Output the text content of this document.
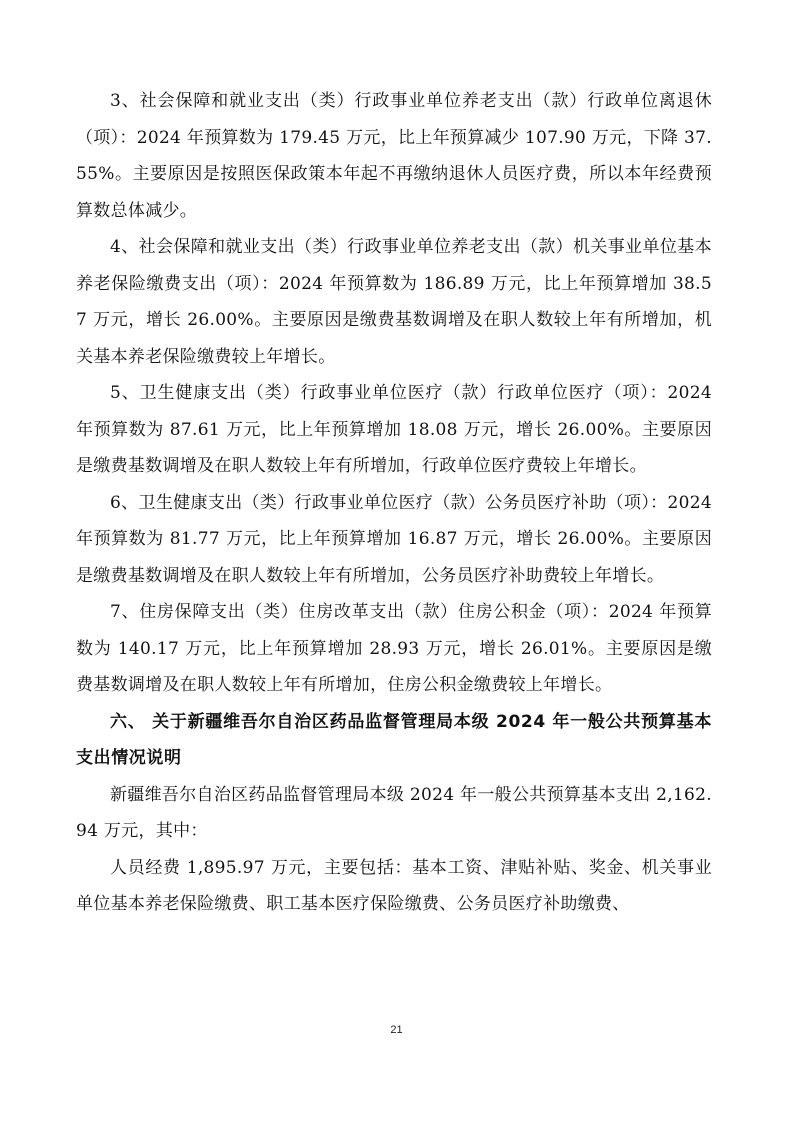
3、社会保障和就业支出（类）行政事业单位养老支出（款）行政单位离退休（项）：2024 年预算数为 179.45 万元，比上年预算减少 107.90 万元，下降 37.55%。主要原因是按照医保政策本年起不再缴纳退休人员医疗费，所以本年经费预算数总体减少。

4、社会保障和就业支出（类）行政事业单位养老支出（款）机关事业单位基本养老保险缴费支出（项）：2024 年预算数为 186.89 万元，比上年预算增加 38.57 万元，增长 26.00%。主要原因是缴费基数调增及在职人数较上年有所增加，机关基本养老保险缴费较上年增长。

5、卫生健康支出（类）行政事业单位医疗（款）行政单位医疗（项）：2024 年预算数为 87.61 万元，比上年预算增加 18.08 万元，增长 26.00%。主要原因是缴费基数调增及在职人数较上年有所增加，行政单位医疗费较上年增长。

6、卫生健康支出（类）行政事业单位医疗（款）公务员医疗补助（项）：2024 年预算数为 81.77 万元，比上年预算增加 16.87 万元，增长 26.00%。主要原因是缴费基数调增及在职人数较上年有所增加，公务员医疗补助费较上年增长。

7、住房保障支出（类）住房改革支出（款）住房公积金（项）：2024 年预算数为 140.17 万元，比上年预算增加 28.93 万元，增长 26.01%。主要原因是缴费基数调增及在职人数较上年有所增加，住房公积金缴费较上年增长。

六、 关于新疆维吾尔自治区药品监督管理局本级 2024 年一般公共预算基本支出情况说明

新疆维吾尔自治区药品监督管理局本级 2024 年一般公共预算基本支出 2,162.94 万元，其中：

人员经费 1,895.97 万元，主要包括：基本工资、津贴补贴、奖金、机关事业单位基本养老保险缴费、职工基本医疗保险缴费、公务员医疗补助缴费、

21
